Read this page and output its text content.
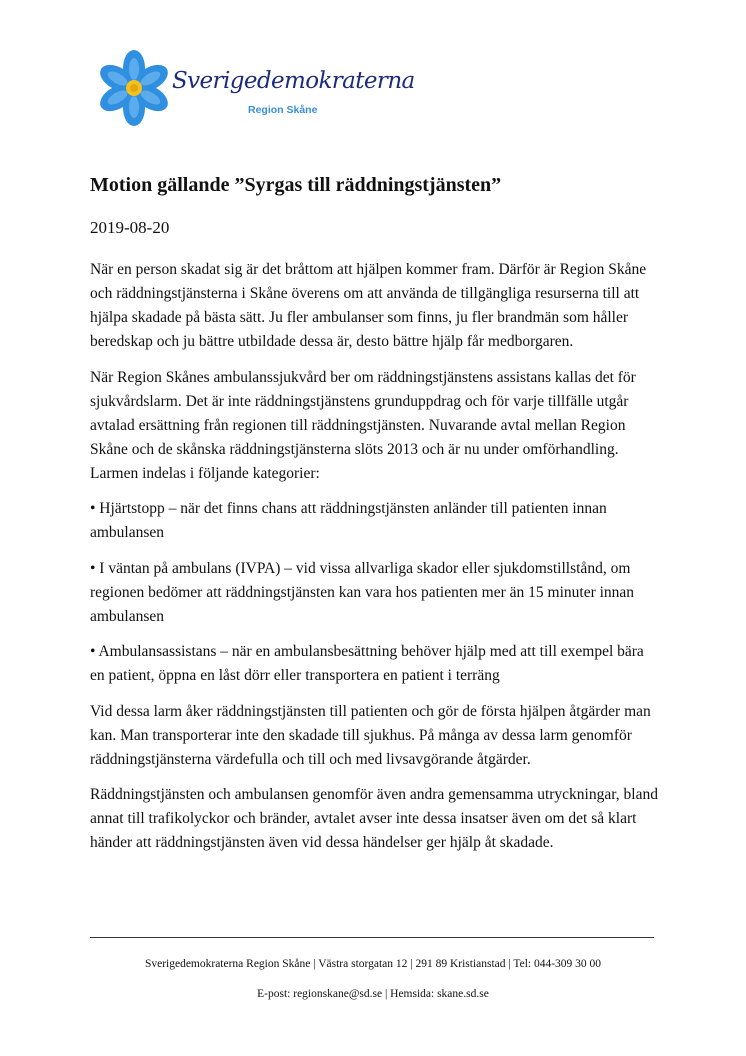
Sverigedemokraterna
Region Skåne
Motion gällande ”Syrgas till räddningstjänsten”
2019-08-20

När en person skadat sig är det bråttom att hjälpen kommer fram. Därför är Region Skåne och räddningstjänsterna i Skåne överens om att använda de tillgängliga resurserna till att hjälpa skadade på bästa sätt. Ju fler ambulanser som finns, ju fler brandmän som håller beredskap och ju bättre utbildade dessa är, desto bättre hjälp får medborgaren.

När Region Skånes ambulanssjukvård ber om räddningstjänstens assistans kallas det för sjukvårdslarm. Det är inte räddningstjänstens grunduppdrag och för varje tillfälle utgår avtalad ersättning från regionen till räddningstjänsten. Nuvarande avtal mellan Region Skåne och de skånska räddningstjänsterna slöts 2013 och är nu under omförhandling. Larmen indelas i följande kategorier:

• Hjärtstopp – när det finns chans att räddningstjänsten anländer till patienten innan ambulansen

• I väntan på ambulans (IVPA) – vid vissa allvarliga skador eller sjukdomstillstånd, om regionen bedömer att räddningstjänsten kan vara hos patienten mer än 15 minuter innan ambulansen

• Ambulansassistans – när en ambulansbesättning behöver hjälp med att till exempel bära en patient, öppna en låst dörr eller transportera en patient i terräng

Vid dessa larm åker räddningstjänsten till patienten och gör de första hjälpen åtgärder man kan. Man transporterar inte den skadade till sjukhus. På många av dessa larm genomför räddningstjänsterna värdefulla och till och med livsavgörande åtgärder.

Räddningstjänsten och ambulansen genomför även andra gemensamma utryckningar, bland annat till trafikolyckor och bränder, avtalet avser inte dessa insatser även om det så klart händer att räddningstjänsten även vid dessa händelser ger hjälp åt skadade.

Sverigedemokraterna Region Skåne | Västra storgatan 12 | 291 89 Kristianstad | Tel: 044-309 30 00
E-post: regionskane@sd.se | Hemsida: skane.sd.se
